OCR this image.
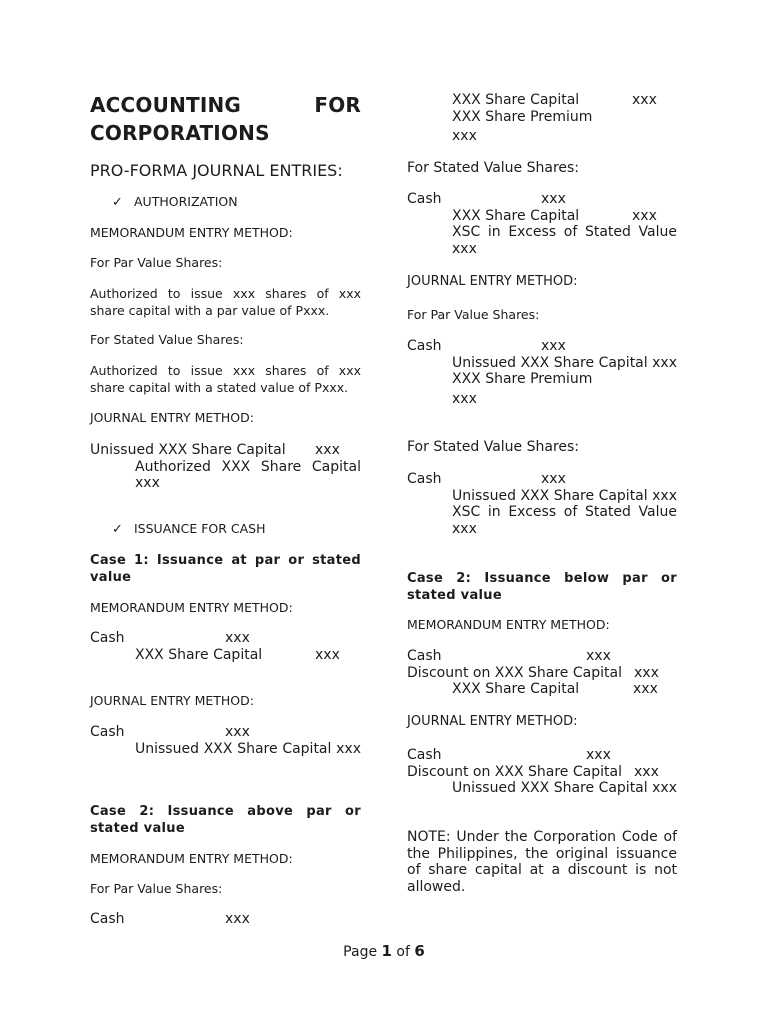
ACCOUNTING	FOR
CORPORATIONS

PRO-FORMA JOURNAL ENTRIES:

✓ AUTHORIZATION

MEMORANDUM ENTRY METHOD:

For Par Value Shares:

Authorized to issue xxx shares of xxx share capital with a par value of Pxxx.

For Stated Value Shares:

Authorized to issue xxx shares of xxx share capital with a stated value of Pxxx.

JOURNAL ENTRY METHOD:

Unissued XXX Share Capital	xxx

Authorized XXX Share Capital xxx

✓ ISSUANCE FOR CASH

Case 1: Issuance at par or stated value

MEMORANDUM ENTRY METHOD:

Cash	xxx
XXX Share Capital	xxx

JOURNAL ENTRY METHOD:

Cash	xxx

Unissued XXX Share Capital xxx

Case 2: Issuance above par or stated value

MEMORANDUM ENTRY METHOD:

For Par Value Shares:

Cash	xxx
XXX Share Capital	xxx
XXX Share Premium
xxx

For Stated Value Shares:

Cash	xxx
XXX Share Capital	xxx

XSC in Excess of Stated Value xxx

JOURNAL ENTRY METHOD:

For Par Value Shares:

Cash	xxx

Unissued XXX Share Capital xxx

XXX Share Premium
xxx

For Stated Value Shares:

Cash	xxx

Unissued XXX Share Capital xxx

XSC in Excess of Stated Value xxx

Case 2: Issuance below par or stated value

MEMORANDUM ENTRY METHOD:

Cash	xxx
Discount on XXX Share Capital xxx
XXX Share Capital	xxx

JOURNAL ENTRY METHOD:

Cash	xxx
Discount on XXX Share Capital xxx

Unissued XXX Share Capital xxx

NOTE: Under the Corporation Code of the Philippines, the original issuance of share capital at a discount is not allowed.

Page 1 of 6
